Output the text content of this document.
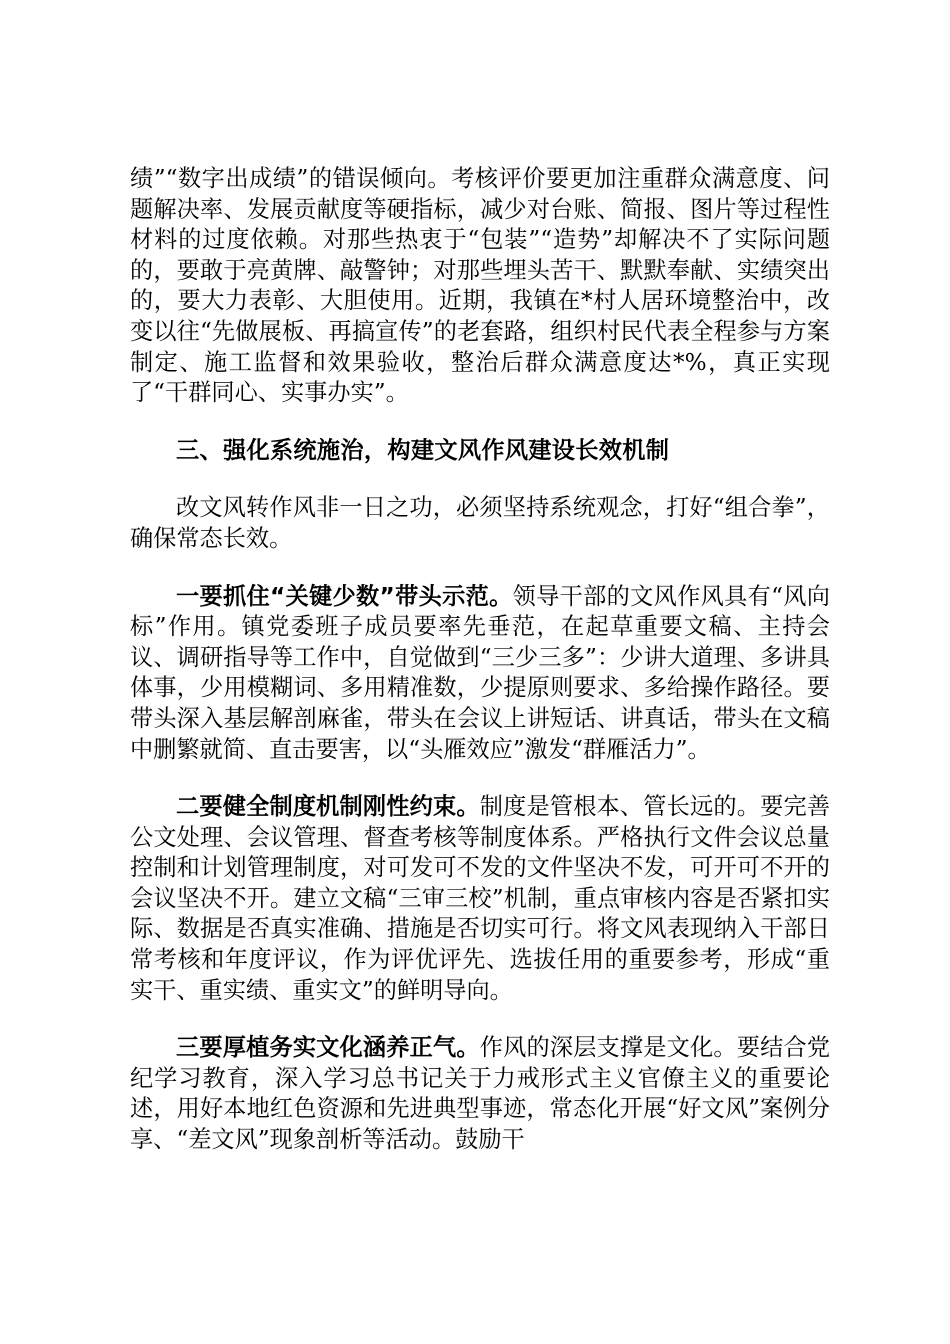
绩”“数字出成绩”的错误倾向。考核评价要更加注重群众满意度、问题解决率、发展贡献度等硬指标，减少对台账、简报、图片等过程性材料的过度依赖。对那些热衷于“包装”“造势”却解决不了实际问题的，要敢于亮黄牌、敲警钟；对那些埋头苦干、默默奉献、实绩突出的，要大力表彰、大胆使用。近期，我镇在*村人居环境整治中，改变以往“先做展板、再搞宣传”的老套路，组织村民代表全程参与方案制定、施工监督和效果验收，整治后群众满意度达*%，真正实现了“干群同心、实事办实”。

三、强化系统施治，构建文风作风建设长效机制

改文风转作风非一日之功，必须坚持系统观念，打好“组合拳”，确保常态长效。

一要抓住“关键少数”带头示范。领导干部的文风作风具有“风向标”作用。镇党委班子成员要率先垂范，在起草重要文稿、主持会议、调研指导等工作中，自觉做到“三少三多”：少讲大道理、多讲具体事，少用模糊词、多用精准数，少提原则要求、多给操作路径。要带头深入基层解剖麻雀，带头在会议上讲短话、讲真话，带头在文稿中删繁就简、直击要害，以“头雁效应”激发“群雁活力”。

二要健全制度机制刚性约束。制度是管根本、管长远的。要完善公文处理、会议管理、督查考核等制度体系。严格执行文件会议总量控制和计划管理制度，对可发可不发的文件坚决不发，可开可不开的会议坚决不开。建立文稿“三审三校”机制，重点审核内容是否紧扣实际、数据是否真实准确、措施是否切实可行。将文风表现纳入干部日常考核和年度评议，作为评优评先、选拔任用的重要参考，形成“重实干、重实绩、重实文”的鲜明导向。

三要厚植务实文化涵养正气。作风的深层支撑是文化。要结合党纪学习教育，深入学习总书记关于力戒形式主义官僚主义的重要论述，用好本地红色资源和先进典型事迹，常态化开展“好文风”案例分享、“差文风”现象剖析等活动。鼓励干
